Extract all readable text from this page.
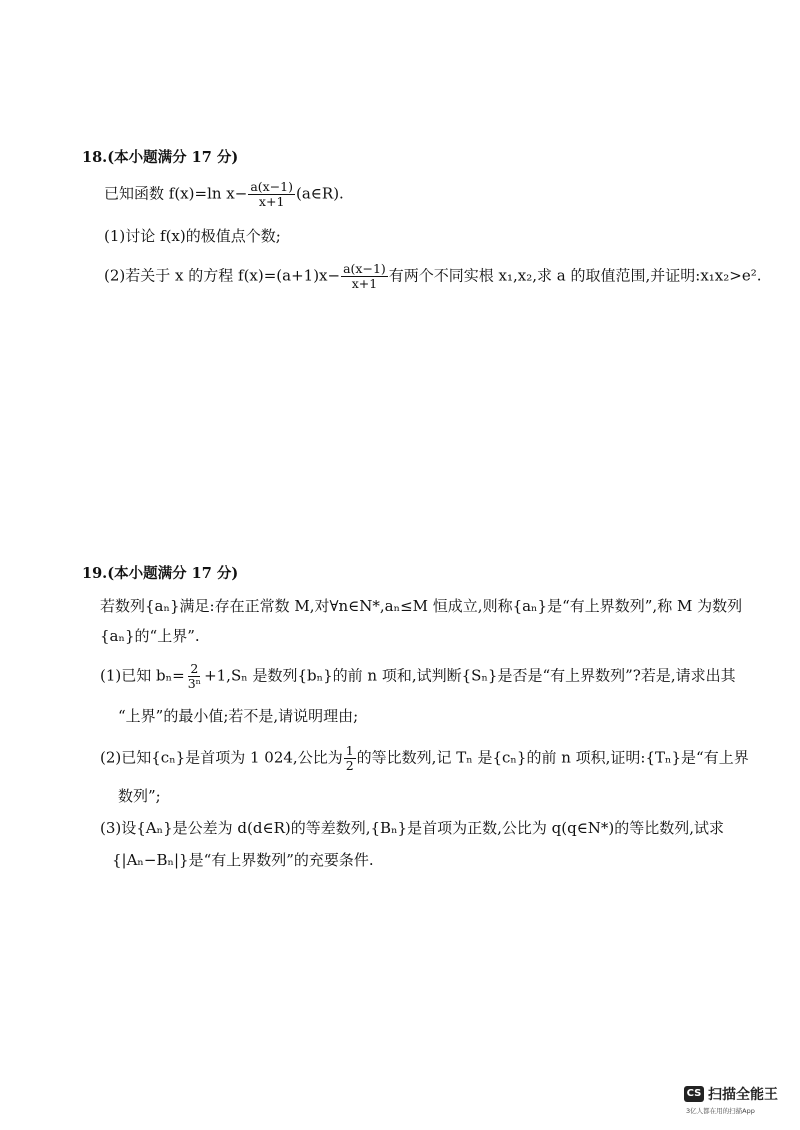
18.(本小题满分 17 分)
已知函数 f(x)=ln $x- \frac{a(x-1)}{x+1}$ (a∈R).
(1)讨论 f(x)的极值点个数;
(2)若关于 x 的方程 $f(x)=(a+1)x- \frac{a(x-1)}{x+1}$ 有两个不同实根 x₁,x₂,求 a 的取值范围,并证明:x₁x₂>e².
19.(本小题满分 17 分)
若数列{aₙ}满足:存在正常数 M,对∀n∈N*,aₙ≤M 恒成立,则称{aₙ}是“有上界数列”,称 M 为数列
{aₙ}的“上界”.
(1)已知 $b_n= \frac{2}{\text{3ⁿ}} +1,S_n$ 是数列{bₙ}的前 n 项和,试判断{Sₙ}是否是“有上界数列”?若是,请求出其
“上界”的最小值;若不是,请说明理由;
(2)已知{cₙ}是首项为 1 024,公比为 $\frac{1}{2}$ 的等比数列,记 Tₙ 是{cₙ}的前 n 项积,证明:{Tₙ}是“有上界
数列”;
(3)设{Aₙ}是公差为 d(d∈R)的等差数列,{Bₙ}是首项为正数,公比为 q(q∈N*)的等比数列,试求
{|Aₙ−Bₙ|}是“有上界数列”的充要条件.
CS 扫描全能王
3亿人都在用的扫描App
